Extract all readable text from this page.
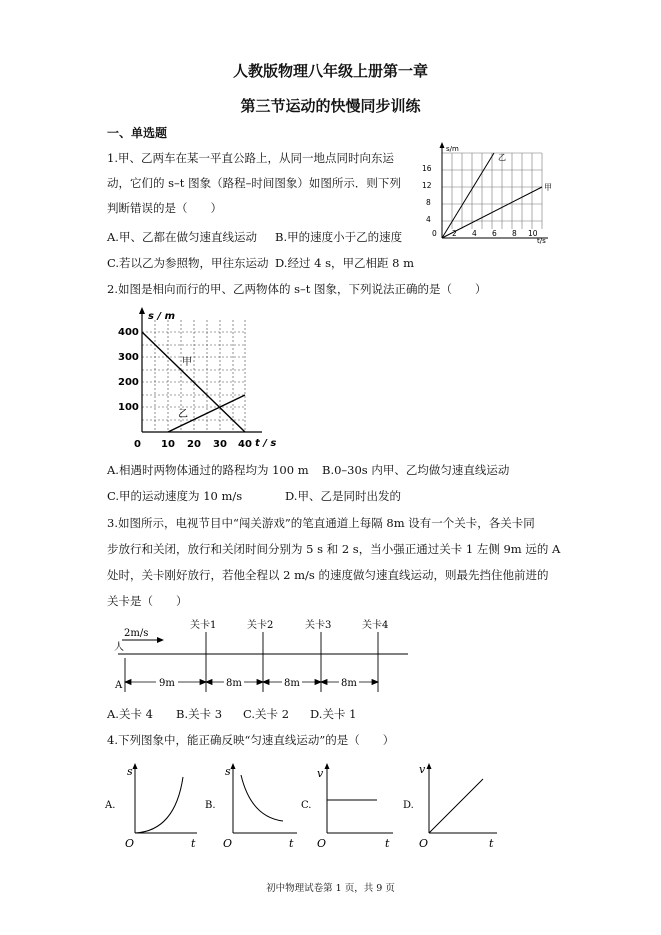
人教版物理八年级上册第一章
第三节运动的快慢同步训练
一、单选题
1.甲、乙两车在某一平直公路上，从同一地点同时向东运
动，它们的 s–t 图象（路程–时间图象）如图所示．则下列
判断错误的是（　　）
A.甲、乙都在做匀速直线运动 B.甲的速度小于乙的速度
C.若以乙为参照物，甲往东运动 D.经过 4 s，甲乙相距 8 m
s/m
4
8
12
16
0 2 4 6 8 10
t/s
乙
甲
2.如图是相向而行的甲、乙两物体的 s–t 图象，下列说法正确的是（　　）
s / m
400
300
200
100
0 10 20 30 40 t / s
甲
乙
A.相遇时两物体通过的路程均为 100 m B.0–30s 内甲、乙均做匀速直线运动
C.甲的运动速度为 10 m/s	D.甲、乙是同时出发的
3.如图所示，电视节目中“闯关游戏”的笔直通道上每隔 8m 设有一个关卡，各关卡同
步放行和关闭，放行和关闭时间分别为 5 s 和 2 s，当小强正通过关卡 1 左侧 9m 远的 A
处时，关卡刚好放行，若他全程以 2 m/s 的速度做匀速直线运动，则最先挡住他前进的
关卡是（　　）
2m/s
人
A
关卡1	关卡2	关卡3	关卡4
9m	8m	8m	8m
A.关卡 4 B.关卡 3 C.关卡 2 D.关卡 1
4.下列图象中，能正确反映“匀速直线运动”的是（　　）
A.
s
t
O
B.
s
t
O
C.
v
t
O
D.
v
t
O
初中物理试卷第 1 页，共 9 页
